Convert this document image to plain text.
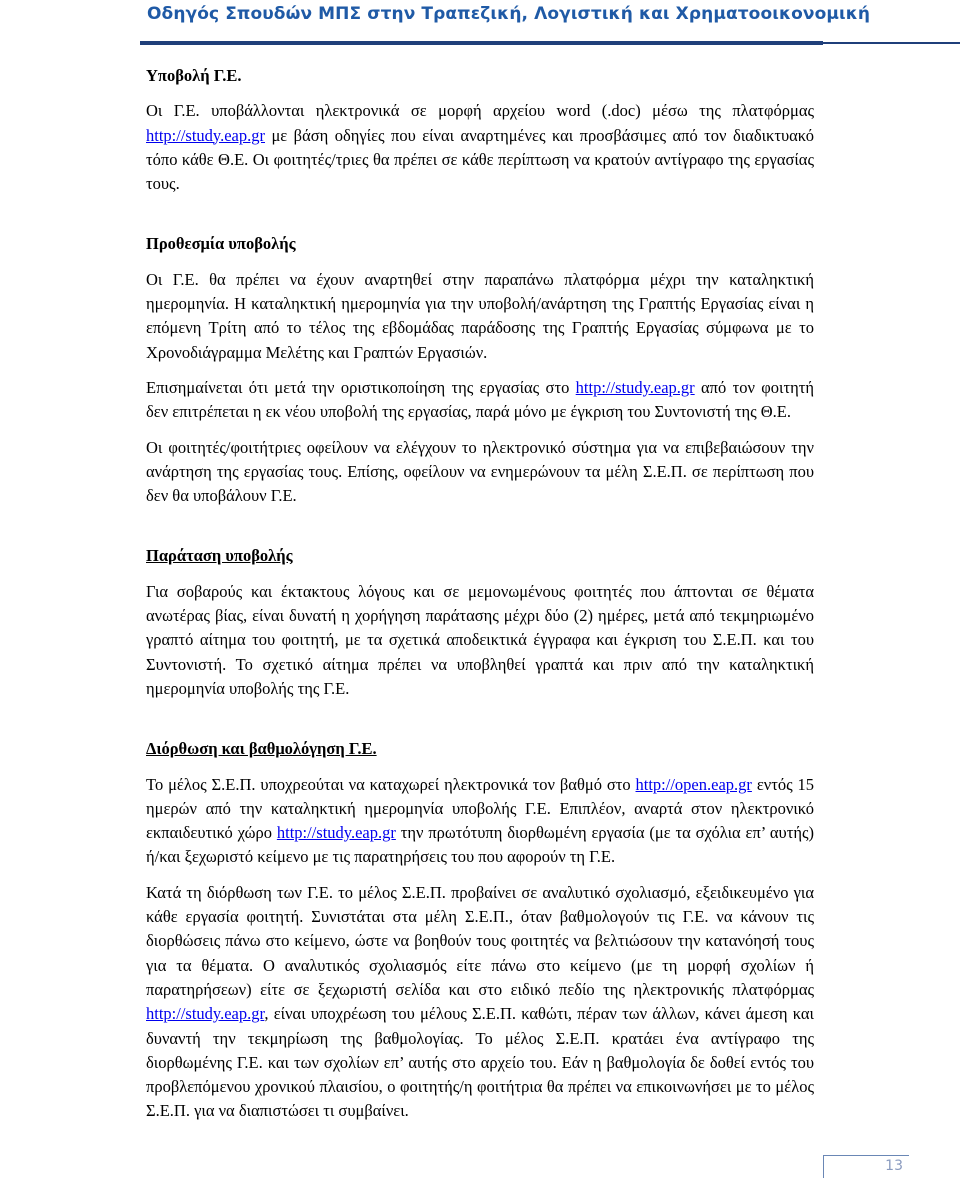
Οδηγός Σπουδών ΜΠΣ στην Τραπεζική, Λογιστική και Χρηματοοικονομική

Υποβολή Γ.Ε.

Οι Γ.Ε. υποβάλλονται ηλεκτρονικά σε μορφή αρχείου word (.doc) μέσω της πλατφόρμας http://study.eap.gr με βάση οδηγίες που είναι αναρτημένες και προσβάσιμες από τον διαδικτυακό τόπο κάθε Θ.Ε. Οι φοιτητές/τριες θα πρέπει σε κάθε περίπτωση να κρατούν αντίγραφο της εργασίας τους.

Προθεσμία υποβολής

Οι Γ.Ε. θα πρέπει να έχουν αναρτηθεί στην παραπάνω πλατφόρμα μέχρι την καταληκτική ημερομηνία. Η καταληκτική ημερομηνία για την υποβολή/ανάρτηση της Γραπτής Εργασίας είναι η επόμενη Τρίτη από το τέλος της εβδομάδας παράδοσης της Γραπτής Εργασίας σύμφωνα με το Χρονοδιάγραμμα Μελέτης και Γραπτών Εργασιών.

Επισημαίνεται ότι μετά την οριστικοποίηση της εργασίας στο http://study.eap.gr από τον φοιτητή δεν επιτρέπεται η εκ νέου υποβολή της εργασίας, παρά μόνο με έγκριση του Συντονιστή της Θ.Ε.

Οι φοιτητές/φοιτήτριες οφείλουν να ελέγχουν το ηλεκτρονικό σύστημα για να επιβεβαιώσουν την ανάρτηση της εργασίας τους. Επίσης, οφείλουν να ενημερώνουν τα μέλη Σ.Ε.Π. σε περίπτωση που δεν θα υποβάλουν Γ.Ε.

Παράταση υποβολής

Για σοβαρούς και έκτακτους λόγους και σε μεμονωμένους φοιτητές που άπτονται σε θέματα ανωτέρας βίας, είναι δυνατή η χορήγηση παράτασης μέχρι δύο (2) ημέρες, μετά από τεκμηριωμένο γραπτό αίτημα του φοιτητή, με τα σχετικά αποδεικτικά έγγραφα και έγκριση του Σ.Ε.Π. και του Συντονιστή. Το σχετικό αίτημα πρέπει να υποβληθεί γραπτά και πριν από την καταληκτική ημερομηνία υποβολής της Γ.Ε.

Διόρθωση και βαθμολόγηση Γ.Ε.

Το μέλος Σ.Ε.Π. υποχρεούται να καταχωρεί ηλεκτρονικά τον βαθμό στο http://open.eap.gr εντός 15 ημερών από την καταληκτική ημερομηνία υποβολής Γ.Ε. Επιπλέον, αναρτά στον ηλεκτρονικό εκπαιδευτικό χώρο http://study.eap.gr την πρωτότυπη διορθωμένη εργασία (με τα σχόλια επ’ αυτής) ή/και ξεχωριστό κείμενο με τις παρατηρήσεις του που αφορούν τη Γ.Ε.

Κατά τη διόρθωση των Γ.Ε. το μέλος Σ.Ε.Π. προβαίνει σε αναλυτικό σχολιασμό, εξειδικευμένο για κάθε εργασία φοιτητή. Συνιστάται στα μέλη Σ.Ε.Π., όταν βαθμολογούν τις Γ.Ε. να κάνουν τις διορθώσεις πάνω στο κείμενο, ώστε να βοηθούν τους φοιτητές να βελτιώσουν την κατανόησή τους για τα θέματα. Ο αναλυτικός σχολιασμός είτε πάνω στο κείμενο (με τη μορφή σχολίων ή παρατηρήσεων) είτε σε ξεχωριστή σελίδα και στο ειδικό πεδίο της ηλεκτρονικής πλατφόρμας http://study.eap.gr, είναι υποχρέωση του μέλους Σ.Ε.Π. καθώτι, πέραν των άλλων, κάνει άμεση και δυναντή την τεκμηρίωση της βαθμολογίας. Το μέλος Σ.Ε.Π. κρατάει ένα αντίγραφο της διορθωμένης Γ.Ε. και των σχολίων επ’ αυτής στο αρχείο του. Εάν η βαθμολογία δε δοθεί εντός του προβλεπόμενου χρονικού πλαισίου, ο φοιτητής/η φοιτήτρια θα πρέπει να επικοινωνήσει με το μέλος Σ.Ε.Π. για να διαπιστώσει τι συμβαίνει.

13
